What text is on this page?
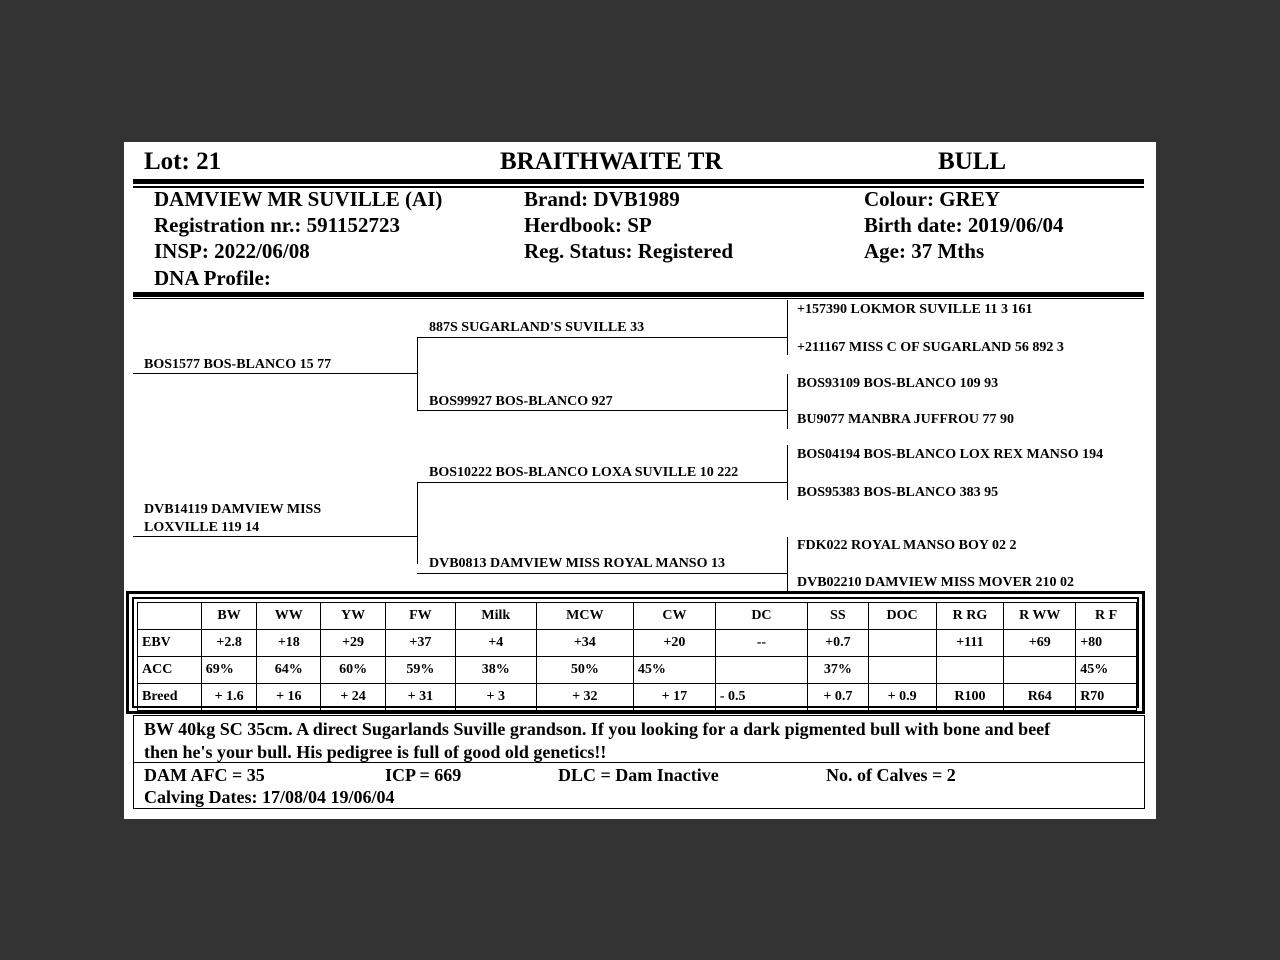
Lot: 21	BRAITHWAITE TR	BULL
DAMVIEW MR SUVILLE (AI)
Registration nr.: 591152723
INSP: 2022/06/08
DNA Profile:
Brand: DVB1989
Herdbook: SP
Reg. Status: Registered
Colour: GREY
Birth date: 2019/06/04
Age: 37 Mths
BOS1577 BOS-BLANCO 15 77
DVB14119 DAMVIEW MISS
LOXVILLE 119 14
887S SUGARLAND'S SUVILLE 33
BOS99927 BOS-BLANCO 927
BOS10222 BOS-BLANCO LOXA SUVILLE 10 222
DVB0813 DAMVIEW MISS ROYAL MANSO 13
+157390 LOKMOR SUVILLE 11 3 161
+211167 MISS C OF SUGARLAND 56 892 3
BOS93109 BOS-BLANCO 109 93
BU9077 MANBRA JUFFROU 77 90
BOS04194 BOS-BLANCO LOX REX MANSO 194
BOS95383 BOS-BLANCO 383 95
FDK022 ROYAL MANSO BOY 02 2
DVB02210 DAMVIEW MISS MOVER 210 02
	BW	WW	YW	FW	Milk	MCW	CW	DC	SS	DOC	R RG	R WW	R F
EBV	+2.8	+18	+29	+37	+4	+34	+20	--	+0.7		+111	+69	+80
ACC	69%	64%	60%	59%	38%	50%	45%		37%				45%
Breed	+ 1.6	+ 16	+ 24	+ 31	+ 3	+ 32	+ 17	- 0.5	+ 0.7	+ 0.9	R100	R64	R70
BW 40kg SC 35cm. A direct Sugarlands Suville grandson. If you looking for a dark pigmented bull with bone and beef
then he's your bull. His pedigree is full of good old genetics!!
DAM AFC = 35	ICP = 669	DLC = Dam Inactive	No. of Calves = 2
Calving Dates: 17/08/04 19/06/04
